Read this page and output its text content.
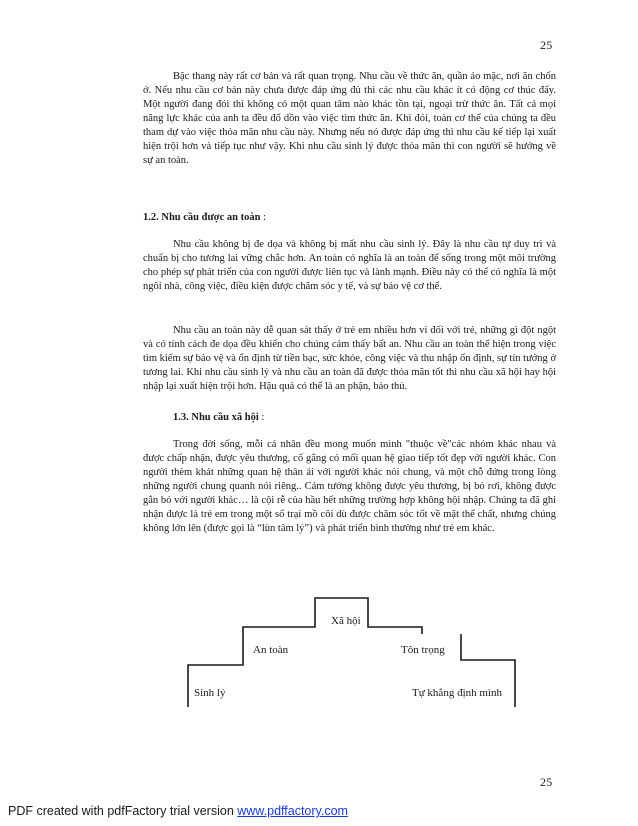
25

Bậc thang này rất cơ bản và rất quan trọng. Nhu cầu về thức ăn, quần áo mặc, nơi ăn chốn ở. Nếu nhu cầu cơ bản này chưa được đáp ứng đủ thì các nhu cầu khác ít có động cơ thúc đẩy. Một người đang đói thì không có một quan tâm nào khác tồn tại, ngoại trừ thức ăn. Tất cả mọi năng lực khác của anh ta đều đổ dồn vào việc tìm thức ăn. Khi đói, toàn cơ thể của chúng ta đều tham dự vào việc thỏa mãn nhu cầu này. Nhưng nếu nó được đáp ứng thì nhu cầu kế tiếp lại xuất hiện trội hơn và tiếp tục như vậy. Khi nhu cầu sinh lý được thỏa mãn thì con người sẽ hướng về sự an toàn.

1.2. Nhu cầu được an toàn :

Nhu cầu không bị đe dọa và không bị mất nhu cầu sinh lý. Đây là nhu cầu tự duy trì và chuẩn bị cho tương lai vững chắc hơn. An toàn có nghĩa là an toàn để sống trong một môi trường cho phép sự phát triển của con người được liên tục và lành mạnh. Điều này có thể có nghĩa là một ngôi nhà, công việc, điều kiện được chăm sóc y tế, và sự bảo vệ cơ thể.

Nhu cầu an toàn này dễ quan sát thấy ở trẻ em nhiều hơn vì đối với trẻ, những gì đột ngột và có tính cách đe dọa đều khiến cho chúng cảm thấy bất an. Nhu cầu an toàn thể hiện trong việc tìm kiếm sự bảo vệ và ổn định từ tiền bạc, sức khỏe, công việc và thu nhập ổn định, sự tín tưởng ở tương lai. Khi nhu cầu sinh lý và nhu cầu an toàn đã được thỏa mãn tốt thì nhu cầu xã hội hay hội nhập lại xuất hiện trội hơn. Hậu quả có thể là an phận, bảo thủ.

1.3. Nhu cầu xã hội :

Trong đời sống, mỗi cá nhân đều mong muốn mình "thuộc về"các nhóm khác nhau và được chấp nhận, được yêu thương, cố gắng có mối quan hệ giao tiếp tốt đẹp với người khác. Con người thèm khát những quan hệ thân ái với người khác nói chung, và một chỗ đứng trong lòng những người chung quanh nói riêng.. Cảm tưởng không được yêu thương, bị bỏ rơi, không được gắn bó với người khác… là cội rễ của hầu hết những trường hợp không hội nhập. Chúng ta đã ghi nhận được là trẻ em trong một số trại mồ côi dù được chăm sóc tốt về mặt thể chất, nhưng chúng không lớn lên (được gọi là “lùn tâm lý”) và phát triển bình thường như trẻ em khác.

Sinh lý
An toàn
Xã hội
Tôn trọng
Tự khẳng định mình
25
PDF created with pdfFactory trial version www.pdffactory.com
